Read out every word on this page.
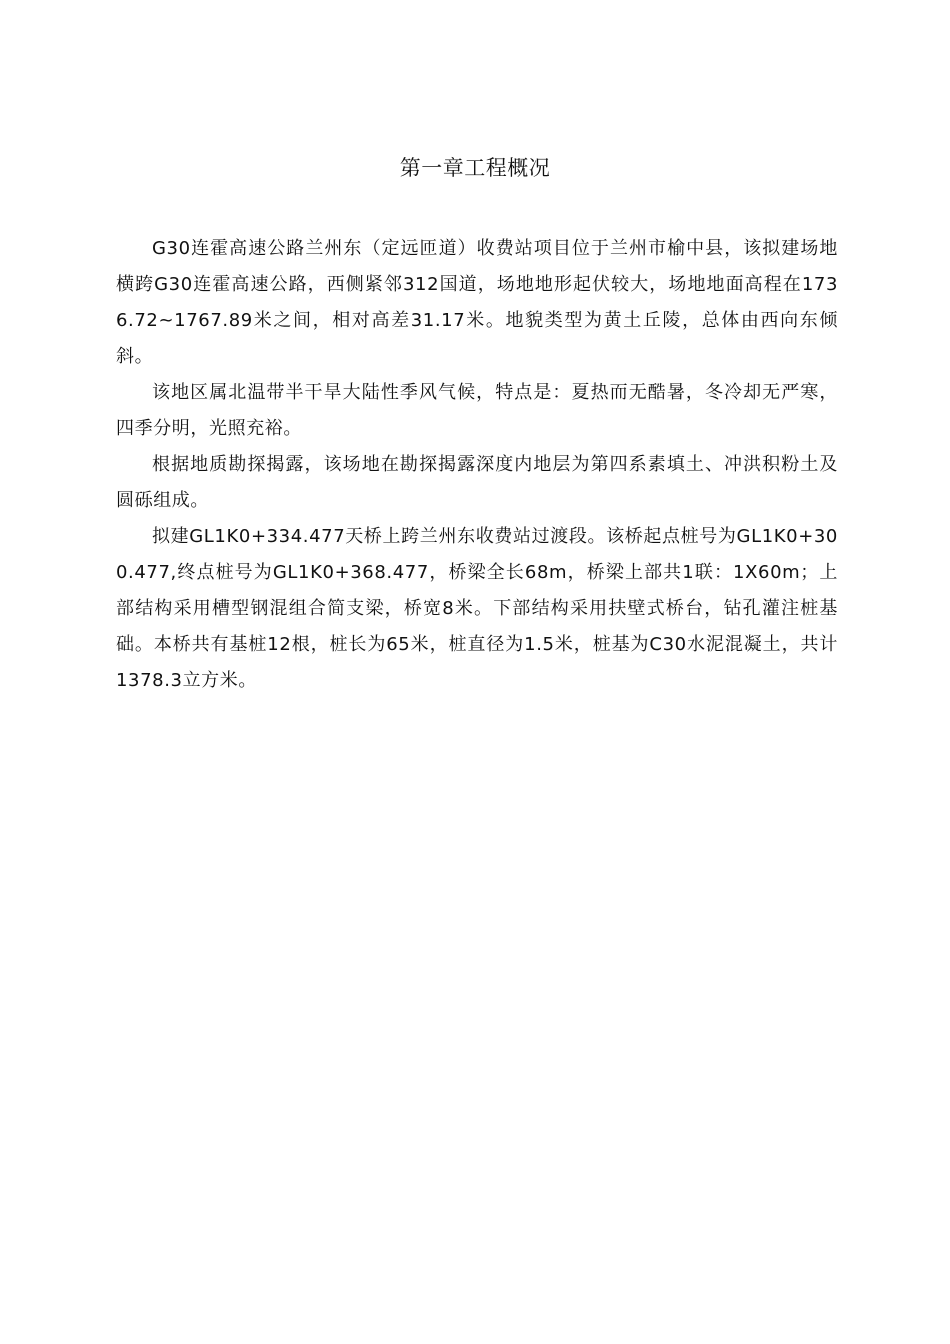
第一章工程概况

G30连霍高速公路兰州东（定远匝道）收费站项目位于兰州市榆中县，该拟建场地横跨G30连霍高速公路，西侧紧邻312国道，场地地形起伏较大，场地地面高程在1736.72~1767.89米之间，相对高差31.17米。地貌类型为黄土丘陵，总体由西向东倾斜。

该地区属北温带半干旱大陆性季风气候，特点是：夏热而无酷暑，冬冷却无严寒，四季分明，光照充裕。

根据地质勘探揭露，该场地在勘探揭露深度内地层为第四系素填土、冲洪积粉土及圆砾组成。

拟建GL1K0+334.477天桥上跨兰州东收费站过渡段。该桥起点桩号为GL1K0+300.477,终点桩号为GL1K0+368.477，桥梁全长68m，桥梁上部共1联：1X60m；上部结构采用槽型钢混组合简支梁，桥宽8米。下部结构采用扶壁式桥台，钻孔灌注桩基础。本桥共有基桩12根，桩长为65米，桩直径为1.5米，桩基为C30水泥混凝土，共计1378.3立方米。
